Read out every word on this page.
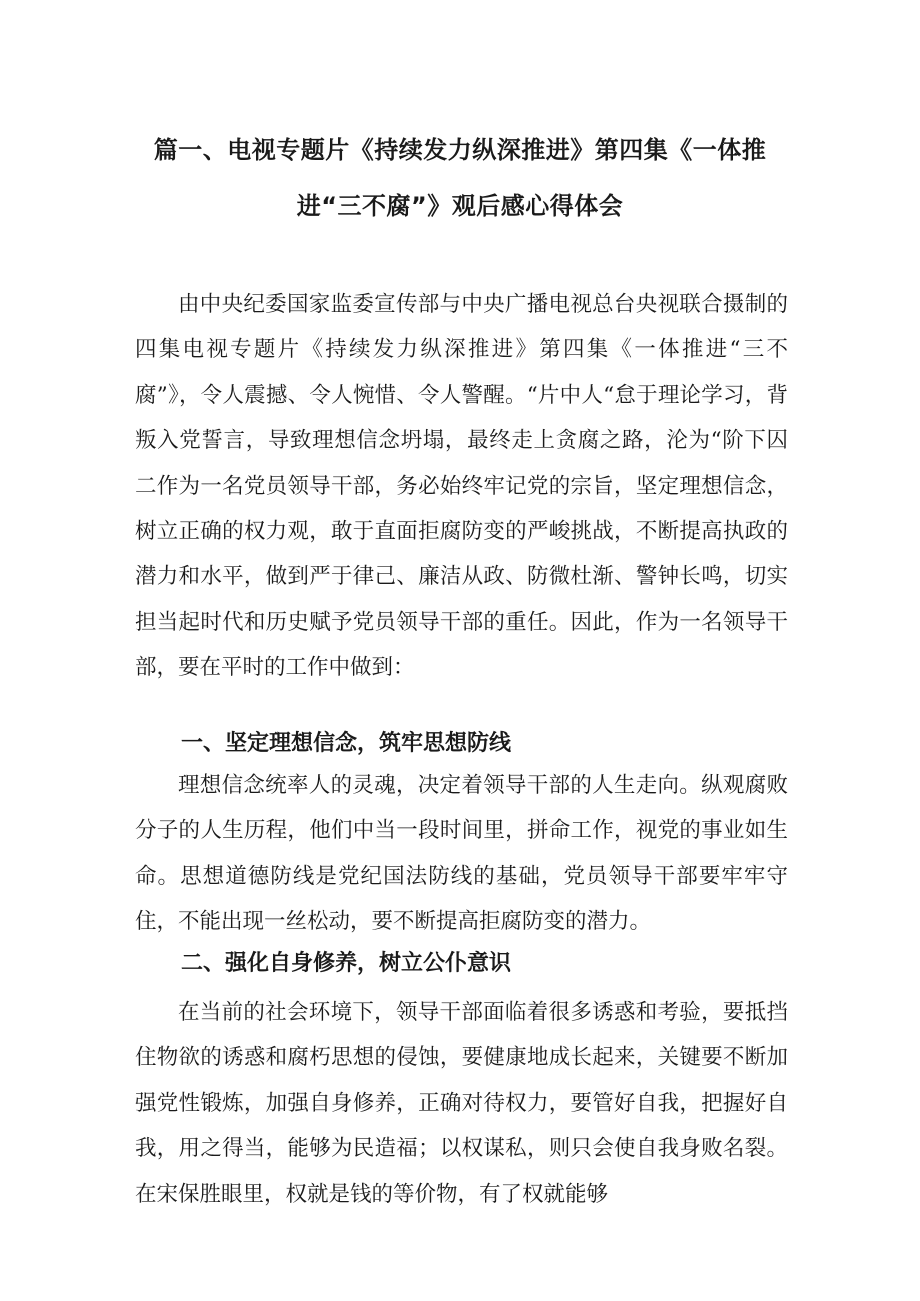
篇一、电视专题片《持续发力纵深推进》第四集《一体推
进“三不腐”》观后感心得体会

由中央纪委国家监委宣传部与中央广播电视总台央视联合摄制的四集电视专题片《持续发力纵深推进》第四集《一体推进“三不腐”》，令人震撼、令人惋惜、令人警醒。“片中人“怠于理论学习，背叛入党誓言，导致理想信念坍塌，最终走上贪腐之路，沦为“阶下囚二作为一名党员领导干部，务必始终牢记党的宗旨，坚定理想信念，树立正确的权力观，敢于直面拒腐防变的严峻挑战，不断提高执政的潜力和水平，做到严于律己、廉洁从政、防微杜渐、警钟长鸣，切实担当起时代和历史赋予党员领导干部的重任。因此，作为一名领导干部，要在平时的工作中做到：

一、坚定理想信念，筑牢思想防线

理想信念统率人的灵魂，决定着领导干部的人生走向。纵观腐败分子的人生历程，他们中当一段时间里，拼命工作，视党的事业如生命。思想道德防线是党纪国法防线的基础，党员领导干部要牢牢守住，不能出现一丝松动，要不断提高拒腐防变的潜力。

二、强化自身修养，树立公仆意识

在当前的社会环境下，领导干部面临着很多诱惑和考验，要抵挡住物欲的诱惑和腐朽思想的侵蚀，要健康地成长起来，关键要不断加强党性锻炼，加强自身修养，正确对待权力，要管好自我，把握好自我，用之得当，能够为民造福；以权谋私，则只会使自我身败名裂。在宋保胜眼里，权就是钱的等价物，有了权就能够
